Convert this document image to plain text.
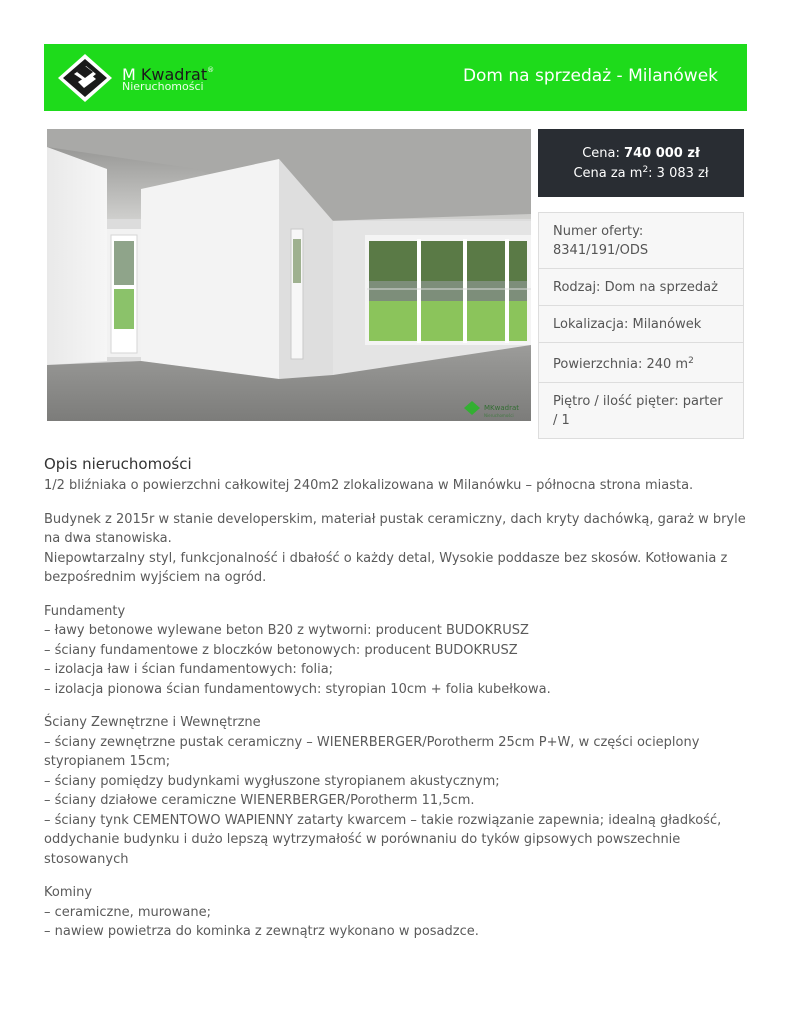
M Kwadrat®
Nieruchomości
Dom na sprzedaż - Milanówek
MKwadrat
Nieruchomości
Cena: 740 000 zł
Cena za $m^2$: 3 083 zł
Numer oferty:
8341/191/ODS
Rodzaj: Dom na sprzedaż
Lokalizacja: Milanówek
Powierzchnia: 240 $m^2$
Piętro / ilość pięter: parter / 1
Opis nieruchomości
1/2 bliźniaka o powierzchni całkowitej 240m2 zlokalizowana w Milanówku – północna strona miasta.
Budynek z 2015r w stanie developerskim, materiał pustak ceramiczny, dach kryty dachówką, garaż w bryle na dwa stanowiska.
Niepowtarzalny styl, funkcjonalność i dbałość o każdy detal, Wysokie poddasze bez skosów. Kotłowania z bezpośrednim wyjściem na ogród.
Fundamenty
– ławy betonowe wylewane beton B20 z wytworni: producent BUDOKRUSZ
– ściany fundamentowe z bloczków betonowych: producent BUDOKRUSZ
– izolacja ław i ścian fundamentowych: folia;
– izolacja pionowa ścian fundamentowych: styropian 10cm + folia kubełkowa.
Ściany Zewnętrzne i Wewnętrzne
– ściany zewnętrzne pustak ceramiczny – WIENERBERGER/Porotherm 25cm P+W, w części ocieplony styropianem 15cm;
– ściany pomiędzy budynkami wygłuszone styropianem akustycznym;
– ściany działowe ceramiczne WIENERBERGER/Porotherm 11,5cm.
– ściany tynk CEMENTOWO WAPIENNY zatarty kwarcem – takie rozwiązanie zapewnia; idealną gładkość, oddychanie budynku i dużo lepszą wytrzymałość w porównaniu do tyków gipsowych powszechnie stosowanych
Kominy
– ceramiczne, murowane;
– nawiew powietrza do kominka z zewnątrz wykonano w posadzce.
